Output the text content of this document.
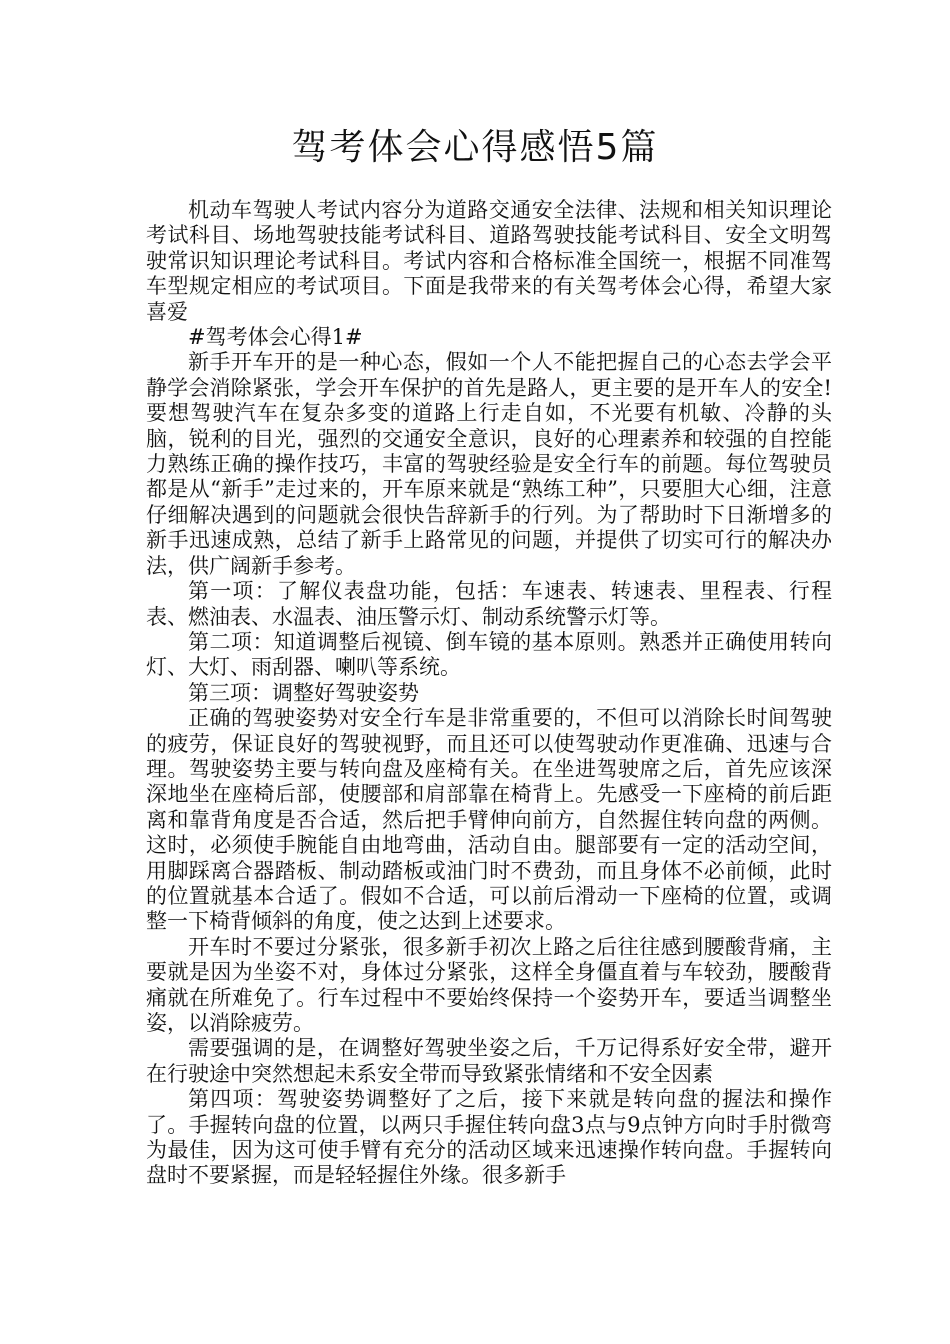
驾考体会心得感悟5篇

机动车驾驶人考试内容分为道路交通安全法律、法规和相关知识理论考试科目、场地驾驶技能考试科目、道路驾驶技能考试科目、安全文明驾驶常识知识理论考试科目。考试内容和合格标准全国统一，根据不同准驾车型规定相应的考试项目。下面是我带来的有关驾考体会心得，希望大家喜爱

#驾考体会心得1#

新手开车开的是一种心态，假如一个人不能把握自己的心态去学会平静学会消除紧张，学会开车保护的首先是路人，更主要的是开车人的安全!要想驾驶汽车在复杂多变的道路上行走自如，不光要有机敏、冷静的头脑，锐利的目光，强烈的交通安全意识，良好的心理素养和较强的自控能力熟练正确的操作技巧，丰富的驾驶经验是安全行车的前题。每位驾驶员都是从“新手”走过来的，开车原来就是“熟练工种”，只要胆大心细，注意仔细解决遇到的问题就会很快告辞新手的行列。为了帮助时下日渐增多的新手迅速成熟，总结了新手上路常见的问题，并提供了切实可行的解决办法，供广阔新手参考。

第一项：了解仪表盘功能，包括：车速表、转速表、里程表、行程表、燃油表、水温表、油压警示灯、制动系统警示灯等。

第二项：知道调整后视镜、倒车镜的基本原则。熟悉并正确使用转向灯、大灯、雨刮器、喇叭等系统。

第三项：调整好驾驶姿势

正确的驾驶姿势对安全行车是非常重要的，不但可以消除长时间驾驶的疲劳，保证良好的驾驶视野，而且还可以使驾驶动作更准确、迅速与合理。驾驶姿势主要与转向盘及座椅有关。在坐进驾驶席之后，首先应该深深地坐在座椅后部，使腰部和肩部靠在椅背上。先感受一下座椅的前后距离和靠背角度是否合适，然后把手臂伸向前方，自然握住转向盘的两侧。这时，必须使手腕能自由地弯曲，活动自由。腿部要有一定的活动空间，用脚踩离合器踏板、制动踏板或油门时不费劲，而且身体不必前倾，此时的位置就基本合适了。假如不合适，可以前后滑动一下座椅的位置，或调整一下椅背倾斜的角度，使之达到上述要求。

开车时不要过分紧张，很多新手初次上路之后往往感到腰酸背痛，主要就是因为坐姿不对，身体过分紧张，这样全身僵直着与车较劲，腰酸背痛就在所难免了。行车过程中不要始终保持一个姿势开车，要适当调整坐姿，以消除疲劳。

需要强调的是，在调整好驾驶坐姿之后，千万记得系好安全带，避开在行驶途中突然想起未系安全带而导致紧张情绪和不安全因素

第四项：驾驶姿势调整好了之后，接下来就是转向盘的握法和操作了。手握转向盘的位置，以两只手握住转向盘3点与9点钟方向时手肘微弯为最佳，因为这可使手臂有充分的活动区域来迅速操作转向盘。手握转向盘时不要紧握，而是轻轻握住外缘。很多新手
